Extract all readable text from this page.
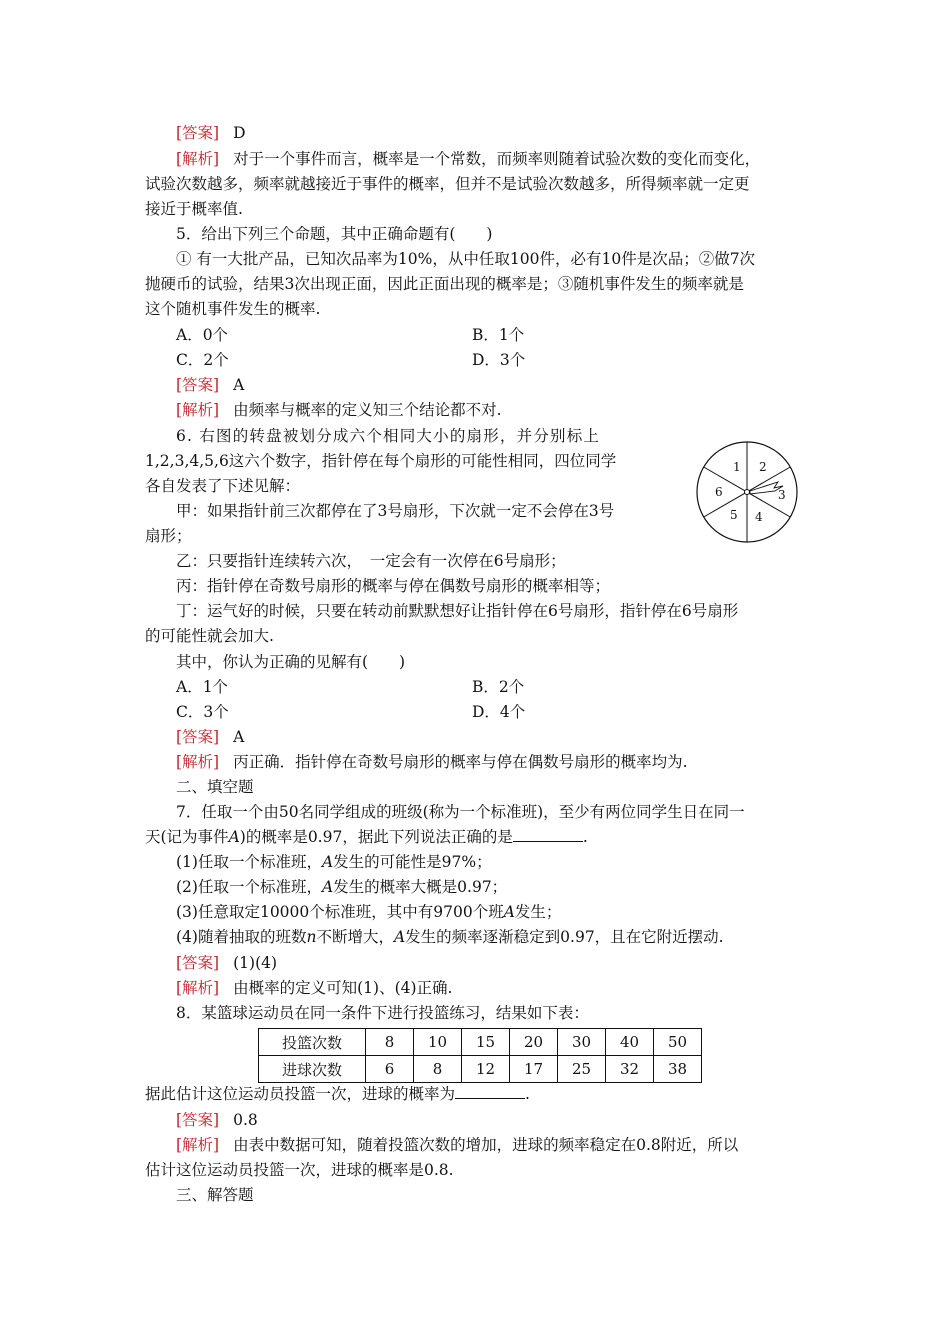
[答案] D
[解析] 对于一个事件而言，概率是一个常数，而频率则随着试验次数的变化而变化，
试验次数越多，频率就越接近于事件的概率，但并不是试验次数越多，所得频率就一定更
接近于概率值.
5．给出下列三个命题，其中正确命题有(　　)
① 有一大批产品，已知次品率为10%，从中任取100件，必有10件是次品；②做7次
抛硬币的试验，结果3次出现正面，因此正面出现的概率是；③随机事件发生的频率就是
这个随机事件发生的概率.
A．0个	B．1个
C．2个	D．3个
[答案] A
[解析] 由频率与概率的定义知三个结论都不对.
6. 右图的转盘被划分成六个相同大小的扇形，并分别标上
1,2,3,4,5,6这六个数字，指针停在每个扇形的可能性相同，四位同学
各自发表了下述见解：
甲：如果指针前三次都停在了3号扇形，下次就一定不会停在3号
扇形；
乙：只要指针连续转六次，　一定会有一次停在6号扇形；
丙：指针停在奇数号扇形的概率与停在偶数号扇形的概率相等；
丁：运气好的时候，只要在转动前默默想好让指针停在6号扇形，指针停在6号扇形
的可能性就会加大.
其中，你认为正确的见解有(　　)
A．1个	B．2个
C．3个	D．4个
[答案] A
[解析] 丙正确．指针停在奇数号扇形的概率与停在偶数号扇形的概率均为.
二、填空题
7．任取一个由50名同学组成的班级(称为一个标准班)，至少有两位同学生日在同一
天(记为事件A)的概率是0.97，据此下列说法正确的是	.
(1)任取一个标准班，A发生的可能性是97%；
(2)任取一个标准班，A发生的概率大概是0.97；
(3)任意取定10000个标准班，其中有9700个班A发生；
(4)随着抽取的班数n不断增大，A发生的频率逐渐稳定到0.97，且在它附近摆动.
[答案] (1)(4)
[解析] 由概率的定义可知(1)、(4)正确.
8．某篮球运动员在同一条件下进行投篮练习，结果如下表：
投篮次数	8	10	15	20	30	40	50
进球次数	6	8	12	17	25	32	38
据此估计这位运动员投篮一次，进球的概率为	.
[答案] 0.8
[解析] 由表中数据可知，随着投篮次数的增加，进球的频率稳定在0.8附近，所以
估计这位运动员投篮一次，进球的概率是0.8.
三、解答题
1 2
3
4
5
6
